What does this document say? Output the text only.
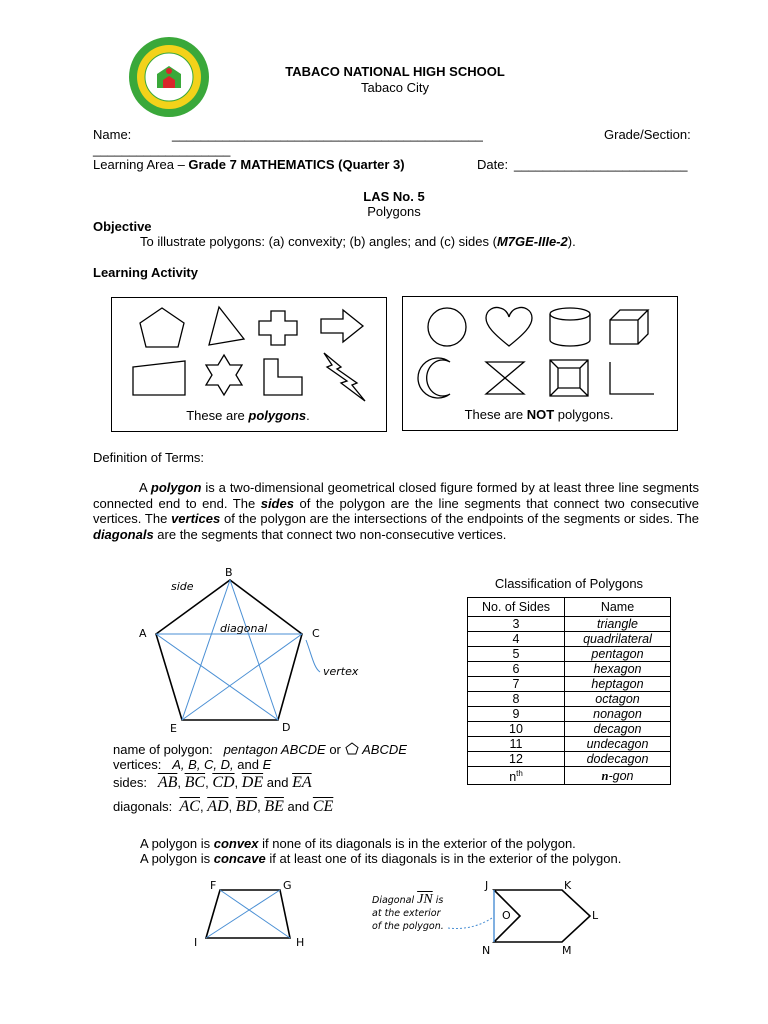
TABACO NATIONAL HIGH SCHOOL
Tabaco City
Name:	___________________________________________	Grade/Section:
___________________
Learning Area – Grade 7 MATHEMATICS (Quarter 3)	Date: ________________________
LAS No. 5
Polygons
Objective
To illustrate polygons: (a) convexity; (b) angles; and (c) sides (M7GE-IIIe-2).
Learning Activity
These are polygons.	These are NOT polygons.
Definition of Terms:
A polygon is a two-dimensional geometrical closed figure formed by at least three line segments connected end to end. The sides of the polygon are the line segments that connect two consecutive vertices. The vertices of the polygon are the intersections of the endpoints of the segments or sides. The diagonals are the segments that connect two non-consecutive vertices.
B
A	C
E	D
side
diagonal
vertex
name of polygon: pentagon ABCDE or  ABCDE
vertices: A, B, C, D, and E
sides: $\overline{AB}$, $\overline{BC}$, $\overline{CD}$, $\overline{DE}$ and $\overline{EA}$
diagonals: $\overline{AC}$, $\overline{AD}$, $\overline{BD}$, $\overline{BE}$ and $\overline{CE}$
Classification of Polygons
No. of Sides	Name
3	triangle
4	quadrilateral
5	pentagon
6	hexagon
7	heptagon
8	octagon
9	nonagon
10	decagon
11	undecagon
12	dodecagon
$n^{th}$	n-gon
A polygon is convex if none of its diagonals is in the exterior of the polygon.
A polygon is concave if at least one of its diagonals is in the exterior of the polygon.
F	G
I	H
J	K
O	L
N	M
Diagonal $\overline{JN}$ is
at the exterior
of the polygon.
